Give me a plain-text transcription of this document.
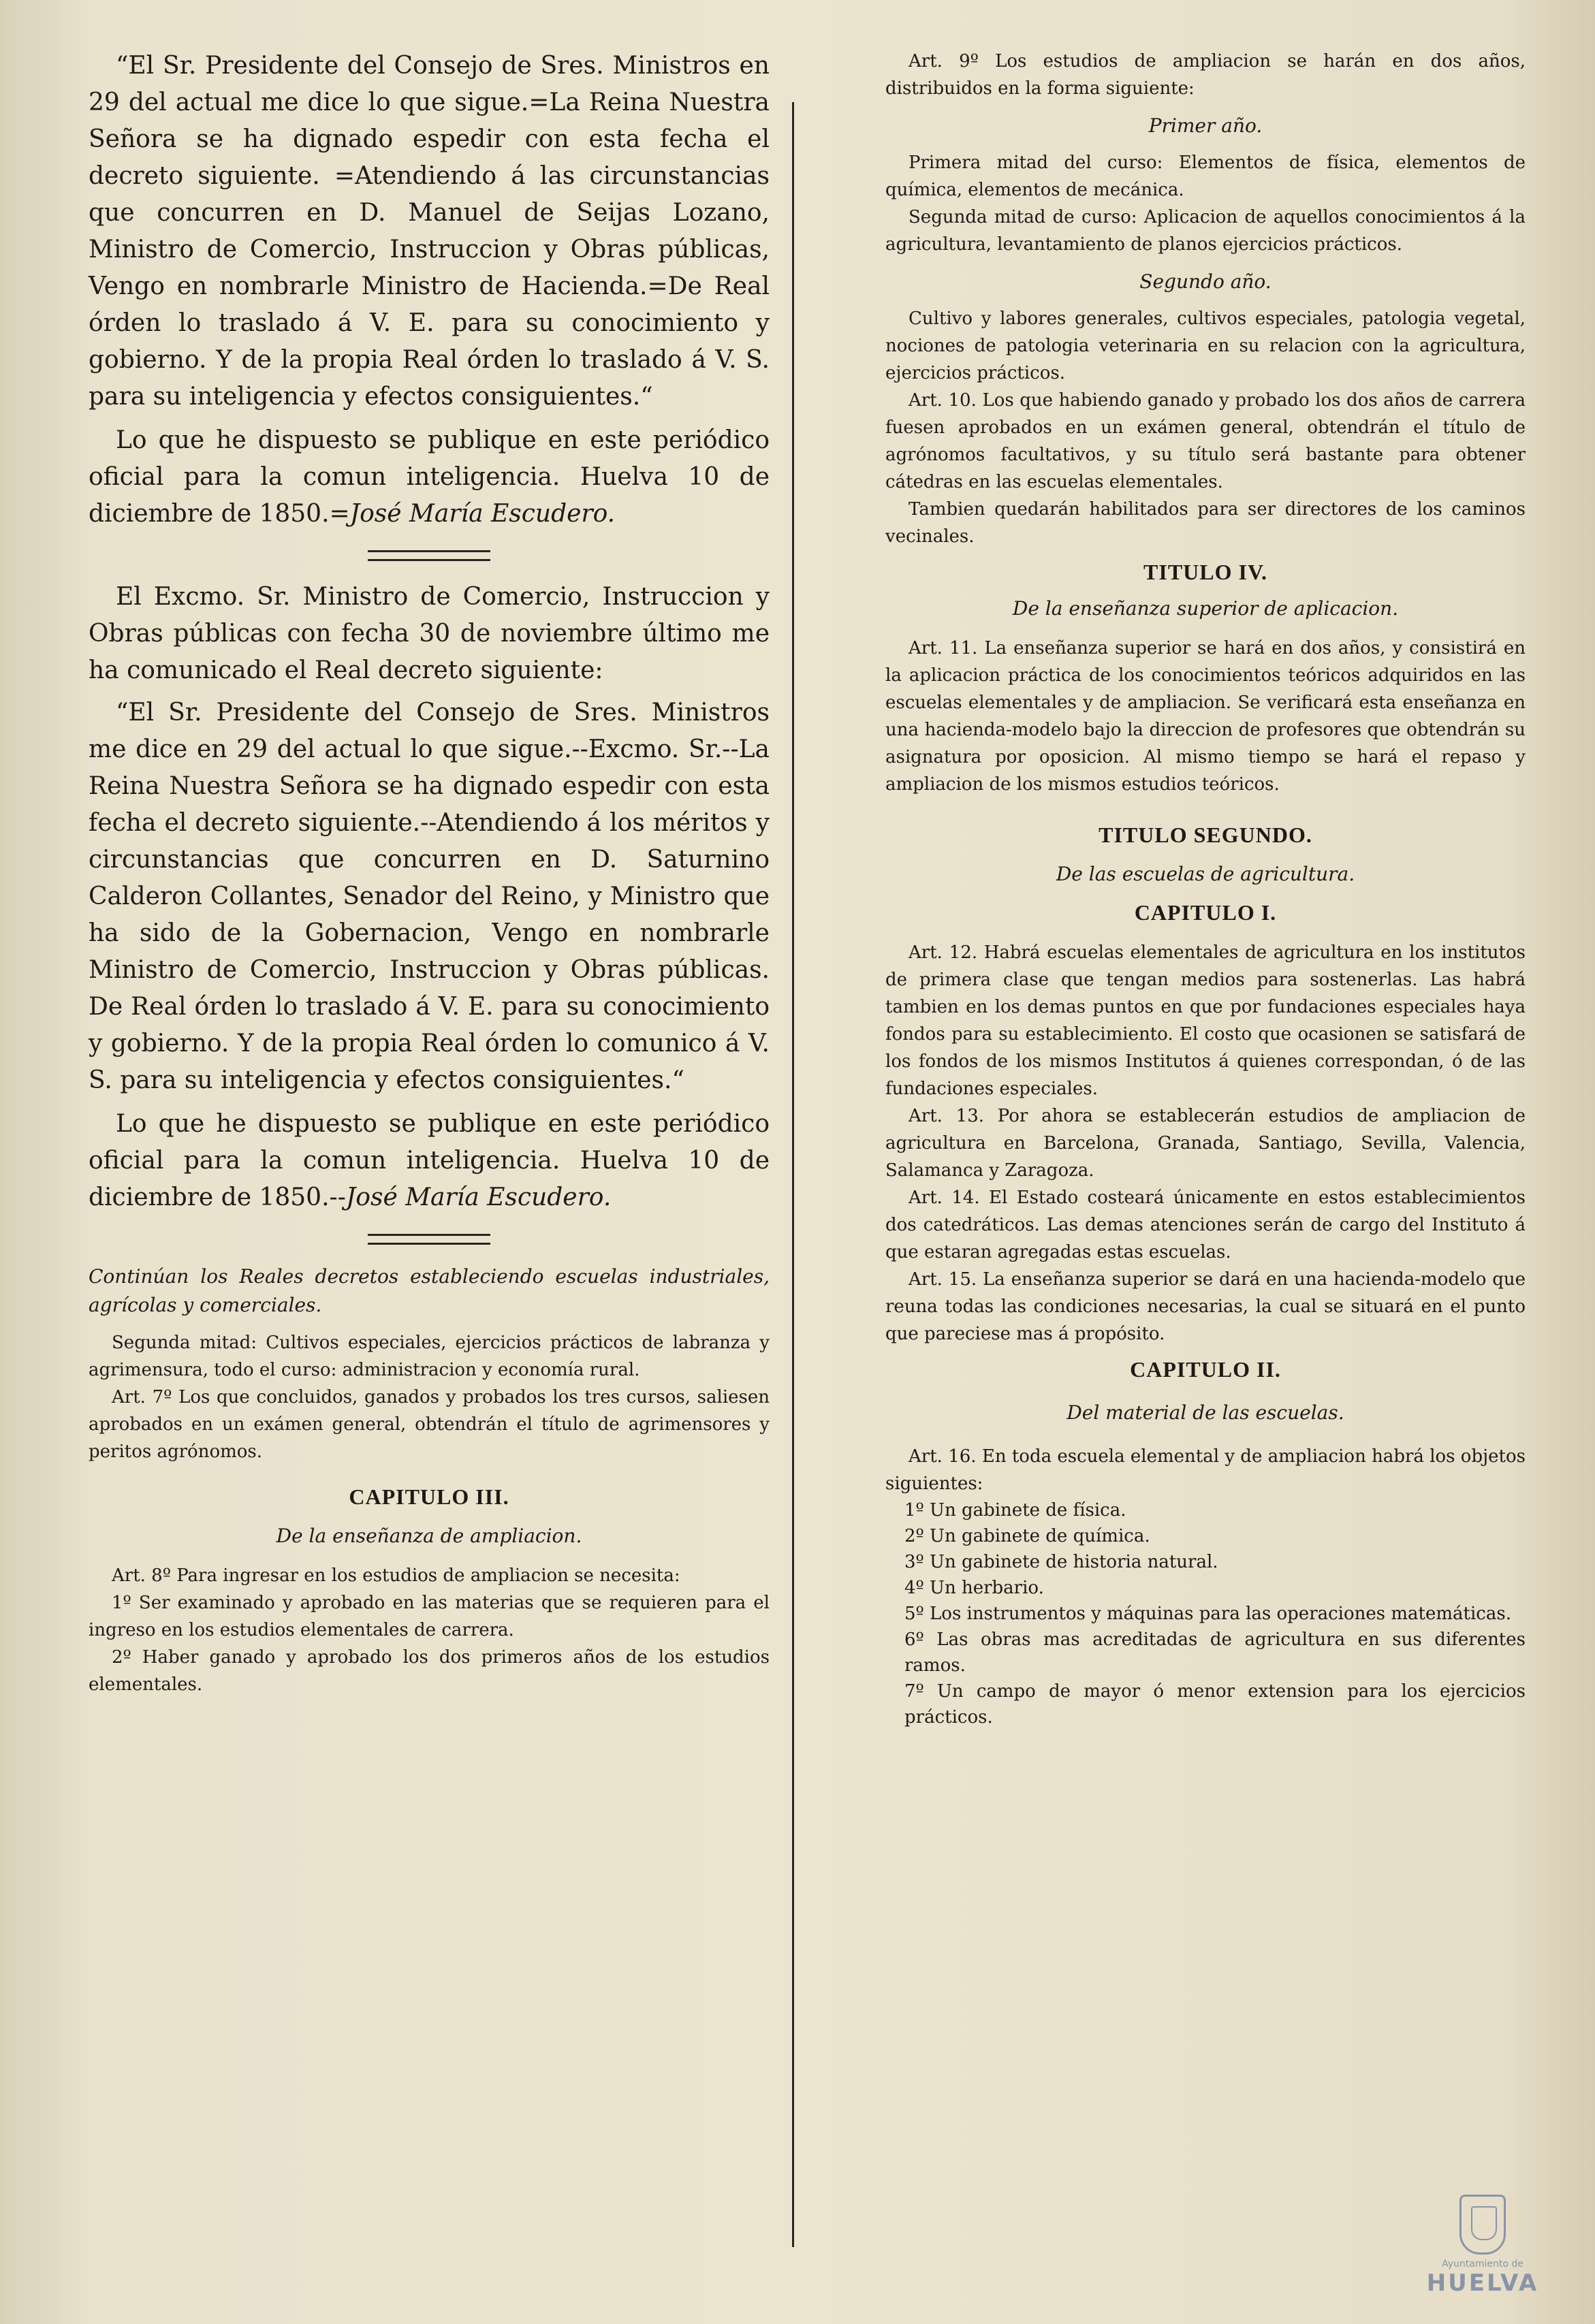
“El Sr. Presidente del Consejo de Sres. Ministros en 29 del actual me dice lo que sigue.=La Reina Nuestra Señora se ha dignado espedir con esta fecha el decreto siguiente. =Atendiendo á las circunstancias que concurren en D. Manuel de Seijas Lozano, Ministro de Comercio, Instruccion y Obras públicas, Vengo en nombrarle Ministro de Hacienda.=De Real órden lo traslado á V. E. para su conocimiento y gobierno. Y de la propia Real órden lo traslado á V. S. para su inteligencia y efectos consiguientes.“

Lo que he dispuesto se publique en este periódico oficial para la comun inteligencia. Huelva 10 de diciembre de 1850.=José María Escudero.

El Excmo. Sr. Ministro de Comercio, Instruccion y Obras públicas con fecha 30 de noviembre último me ha comunicado el Real decreto siguiente:

“El Sr. Presidente del Consejo de Sres. Ministros me dice en 29 del actual lo que sigue.--Excmo. Sr.--La Reina Nuestra Señora se ha dignado espedir con esta fecha el decreto siguiente.--Atendiendo á los méritos y circunstancias que concurren en D. Saturnino Calderon Collantes, Senador del Reino, y Ministro que ha sido de la Gobernacion, Vengo en nombrarle Ministro de Comercio, Instruccion y Obras públicas. De Real órden lo traslado á V. E. para su conocimiento y gobierno. Y de la propia Real órden lo comunico á V. S. para su inteligencia y efectos consiguientes.“

Lo que he dispuesto se publique en este periódico oficial para la comun inteligencia. Huelva 10 de diciembre de 1850.--José María Escudero.

Continúan los Reales decretos estableciendo escuelas industriales, agrícolas y comerciales.

Segunda mitad: Cultivos especiales, ejercicios prácticos de labranza y agrimensura, todo el curso: administracion y economía rural.

Art. 7º Los que concluidos, ganados y probados los tres cursos, saliesen aprobados en un exámen general, obtendrán el título de agrimensores y peritos agrónomos.

CAPITULO III.

De la enseñanza de ampliacion.

Art. 8º Para ingresar en los estudios de ampliacion se necesita:

1º Ser examinado y aprobado en las materias que se requieren para el ingreso en los estudios elementales de carrera.

2º Haber ganado y aprobado los dos primeros años de los estudios elementales.

Art. 9º Los estudios de ampliacion se harán en dos años, distribuidos en la forma siguiente:

Primer año.

Primera mitad del curso: Elementos de física, elementos de química, elementos de mecánica.

Segunda mitad de curso: Aplicacion de aquellos conocimientos á la agricultura, levantamiento de planos ejercicios prácticos.

Segundo año.

Cultivo y labores generales, cultivos especiales, patologia vegetal, nociones de patologia veterinaria en su relacion con la agricultura, ejercicios prácticos.

Art. 10. Los que habiendo ganado y probado los dos años de carrera fuesen aprobados en un exámen general, obtendrán el título de agrónomos facultativos, y su título será bastante para obtener cátedras en las escuelas elementales.

Tambien quedarán habilitados para ser directores de los caminos vecinales.

TITULO IV.

De la enseñanza superior de aplicacion.

Art. 11. La enseñanza superior se hará en dos años, y consistirá en la aplicacion práctica de los conocimientos teóricos adquiridos en las escuelas elementales y de ampliacion. Se verificará esta enseñanza en una hacienda-modelo bajo la direccion de profesores que obtendrán su asignatura por oposicion. Al mismo tiempo se hará el repaso y ampliacion de los mismos estudios teóricos.

TITULO SEGUNDO.

De las escuelas de agricultura.

CAPITULO I.

Art. 12. Habrá escuelas elementales de agricultura en los institutos de primera clase que tengan medios para sostenerlas. Las habrá tambien en los demas puntos en que por fundaciones especiales haya fondos para su establecimiento. El costo que ocasionen se satisfará de los fondos de los mismos Institutos á quienes correspondan, ó de las fundaciones especiales.

Art. 13. Por ahora se establecerán estudios de ampliacion de agricultura en Barcelona, Granada, Santiago, Sevilla, Valencia, Salamanca y Zaragoza.

Art. 14. El Estado costeará únicamente en estos establecimientos dos catedráticos. Las demas atenciones serán de cargo del Instituto á que estaran agregadas estas escuelas.

Art. 15. La enseñanza superior se dará en una hacienda-modelo que reuna todas las condiciones necesarias, la cual se situará en el punto que pareciese mas á propósito.

CAPITULO II.

Del material de las escuelas.

Art. 16. En toda escuela elemental y de ampliacion habrá los objetos siguientes:

1º Un gabinete de física.

2º Un gabinete de química.

3º Un gabinete de historia natural.

4º Un herbario.

5º Los instrumentos y máquinas para las operaciones matemáticas.

6º Las obras mas acreditadas de agricultura en sus diferentes ramos.

7º Un campo de mayor ó menor extension para los ejercicios prácticos.

Ayuntamiento de
HUELVA
